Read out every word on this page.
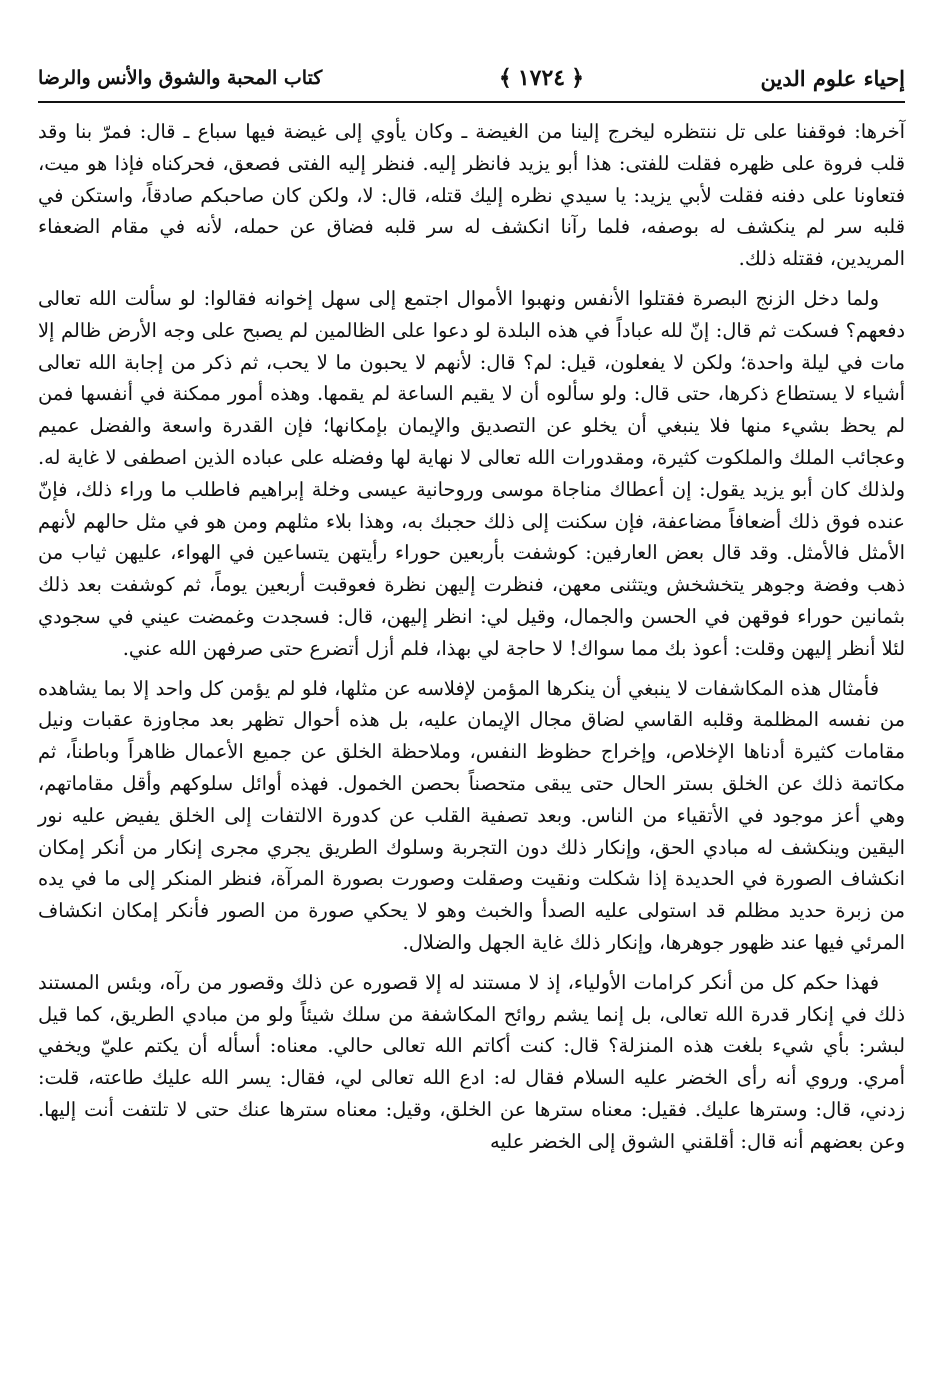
إحياء علوم الدين
﴿
١٧٢٤
﴾
كتاب المحبة والشوق والأنس والرضا

آخرها: فوقفنا على تل ننتظره ليخرج إلينا من الغيضة ـ وكان يأوي إلى غيضة فيها سباع ـ قال: فمرّ بنا وقد قلب فروة على ظهره فقلت للفتى: هذا أبو يزيد فانظر إليه. فنظر إليه الفتى فصعق، فحركناه فإذا هو ميت، فتعاونا على دفنه فقلت لأبي يزيد: يا سيدي نظره إليك قتله، قال: لا، ولكن كان صاحبكم صادقاً، واستكن في قلبه سر لم ينكشف له بوصفه، فلما رآنا انكشف له سر قلبه فضاق عن حمله، لأنه في مقام الضعفاء المريدين، فقتله ذلك.

ولما دخل الزنج البصرة فقتلوا الأنفس ونهبوا الأموال اجتمع إلى سهل إخوانه فقالوا: لو سألت الله تعالى دفعهم؟ فسكت ثم قال: إنّ لله عباداً في هذه البلدة لو دعوا على الظالمين لم يصبح على وجه الأرض ظالم إلا مات في ليلة واحدة؛ ولكن لا يفعلون، قيل: لم؟ قال: لأنهم لا يحبون ما لا يحب، ثم ذكر من إجابة الله تعالى أشياء لا يستطاع ذكرها، حتى قال: ولو سألوه أن لا يقيم الساعة لم يقمها. وهذه أمور ممكنة في أنفسها فمن لم يحظ بشيء منها فلا ينبغي أن يخلو عن التصديق والإيمان بإمكانها؛ فإن القدرة واسعة والفضل عميم وعجائب الملك والملكوت كثيرة، ومقدورات الله تعالى لا نهاية لها وفضله على عباده الذين اصطفى لا غاية له. ولذلك كان أبو يزيد يقول: إن أعطاك مناجاة موسى وروحانية عيسى وخلة إبراهيم فاطلب ما وراء ذلك، فإنّ عنده فوق ذلك أضعافاً مضاعفة، فإن سكنت إلى ذلك حجبك به، وهذا بلاء مثلهم ومن هو في مثل حالهم لأنهم الأمثل فالأمثل. وقد قال بعض العارفين: كوشفت بأربعين حوراء رأيتهن يتساعين في الهواء، عليهن ثياب من ذهب وفضة وجوهر يتخشخش ويتثنى معهن، فنظرت إليهن نظرة فعوقبت أربعين يوماً، ثم كوشفت بعد ذلك بثمانين حوراء فوقهن في الحسن والجمال، وقيل لي: انظر إليهن، قال: فسجدت وغمضت عيني في سجودي لئلا أنظر إليهن وقلت: أعوذ بك مما سواك! لا حاجة لي بهذا، فلم أزل أتضرع حتى صرفهن الله عني.

فأمثال هذه المكاشفات لا ينبغي أن ينكرها المؤمن لإفلاسه عن مثلها، فلو لم يؤمن كل واحد إلا بما يشاهده من نفسه المظلمة وقلبه القاسي لضاق مجال الإيمان عليه، بل هذه أحوال تظهر بعد مجاوزة عقبات ونيل مقامات كثيرة أدناها الإخلاص، وإخراج حظوظ النفس، وملاحظة الخلق عن جميع الأعمال ظاهراً وباطناً، ثم مكاتمة ذلك عن الخلق بستر الحال حتى يبقى متحصناً بحصن الخمول. فهذه أوائل سلوكهم وأقل مقاماتهم، وهي أعز موجود في الأتقياء من الناس. وبعد تصفية القلب عن كدورة الالتفات إلى الخلق يفيض عليه نور اليقين وينكشف له مبادي الحق، وإنكار ذلك دون التجربة وسلوك الطريق يجري مجرى إنكار من أنكر إمكان انكشاف الصورة في الحديدة إذا شكلت ونقيت وصقلت وصورت بصورة المرآة، فنظر المنكر إلى ما في يده من زبرة حديد مظلم قد استولى عليه الصدأ والخبث وهو لا يحكي صورة من الصور فأنكر إمكان انكشاف المرئي فيها عند ظهور جوهرها، وإنكار ذلك غاية الجهل والضلال.

فهذا حكم كل من أنكر كرامات الأولياء، إذ لا مستند له إلا قصوره عن ذلك وقصور من رآه، وبئس المستند ذلك في إنكار قدرة الله تعالى، بل إنما يشم روائح المكاشفة من سلك شيئاً ولو من مبادي الطريق، كما قيل لبشر: بأي شيء بلغت هذه المنزلة؟ قال: كنت أكاتم الله تعالى حالي. معناه: أسأله أن يكتم عليّ ويخفي أمري. وروي أنه رأى الخضر عليه السلام فقال له: ادع الله تعالى لي، فقال: يسر الله عليك طاعته، قلت: زدني، قال: وسترها عليك. فقيل: معناه سترها عن الخلق، وقيل: معناه سترها عنك حتى لا تلتفت أنت إليها. وعن بعضهم أنه قال: أقلقني الشوق إلى الخضر عليه
